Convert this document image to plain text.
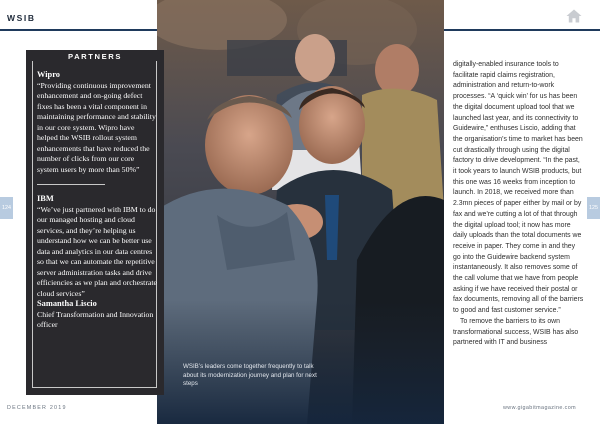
WSIB

WSIB’s leaders come together frequently to talk about its modernization journey and plan for next steps

PARTNERS

Wipro

“Providing continuous improvement enhancement and on-going defect fixes has been a vital component in maintaining performance and stability in our core system. Wipro have helped the WSIB rollout system enhancements that have reduced the number of clicks from our core system users by more than 50%”

IBM

“We’ve just partnered with IBM to do our managed hosting and cloud services, and they’re helping us understand how we can be better use data and analytics in our data centres so that we can automate the repetitive server administration tasks and drive efficiencies as we plan and orchestrate cloud services”

Samantha Liscio

Chief Transformation and Innovation officer

digitally-enabled insurance tools to facilitate rapid claims registration, administration and return-to-work processes. “A ‘quick win’ for us has been the digital document upload tool that we launched last year, and its connectivity to Guidewire,” enthuses Liscio, adding that the organisation’s time to market has been cut drastically through using the digital factory to drive development. “In the past, it took years to launch WSIB products, but this one was 16 weeks from inception to launch. In 2018, we received more than 2.3mn pieces of paper either by mail or by fax and we’re cutting a lot of that through the digital upload tool; it now has more daily uploads than the total documents we receive in paper. They come in and they go into the Guidewire backend system instantaneously. It also removes some of the call volume that we have from people asking if we have received their postal or fax documents, removing all of the barriers to good and fast customer service.”

To remove the barriers to its own transformational success, WSIB has also partnered with IT and business

124	125
DECEMBER 2019	www.gigabitmagazine.com
